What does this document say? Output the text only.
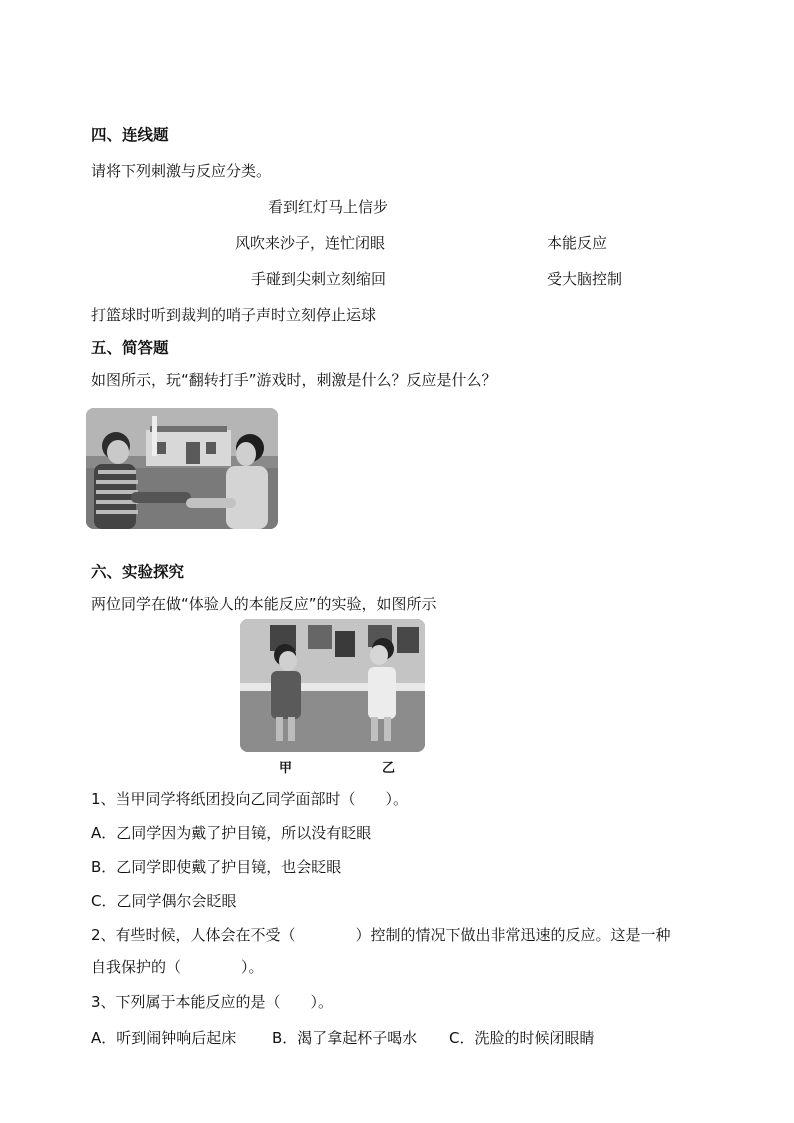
四、连线题
请将下列刺激与反应分类。
看到红灯马上信步
风吹来沙子，连忙闭眼	本能反应
手碰到尖刺立刻缩回	受大脑控制
打篮球时听到裁判的哨子声时立刻停止运球
五、简答题
如图所示，玩“翻转打手”游戏时，刺激是什么？反应是什么？
六、实验探究
两位同学在做“体验人的本能反应”的实验，如图所示
甲	乙
1、当甲同学将纸团投向乙同学面部时（　　）。
A．乙同学因为戴了护目镜，所以没有眨眼
B．乙同学即使戴了护目镜，也会眨眼
C．乙同学偶尔会眨眼
2、有些时候，人体会在不受（　　　　）控制的情况下做出非常迅速的反应。这是一种
自我保护的（　　　　）。
3、下列属于本能反应的是（　　）。
A．听到闹钟响后起床 B．渴了拿起杯子喝水 C．洗脸的时候闭眼睛
